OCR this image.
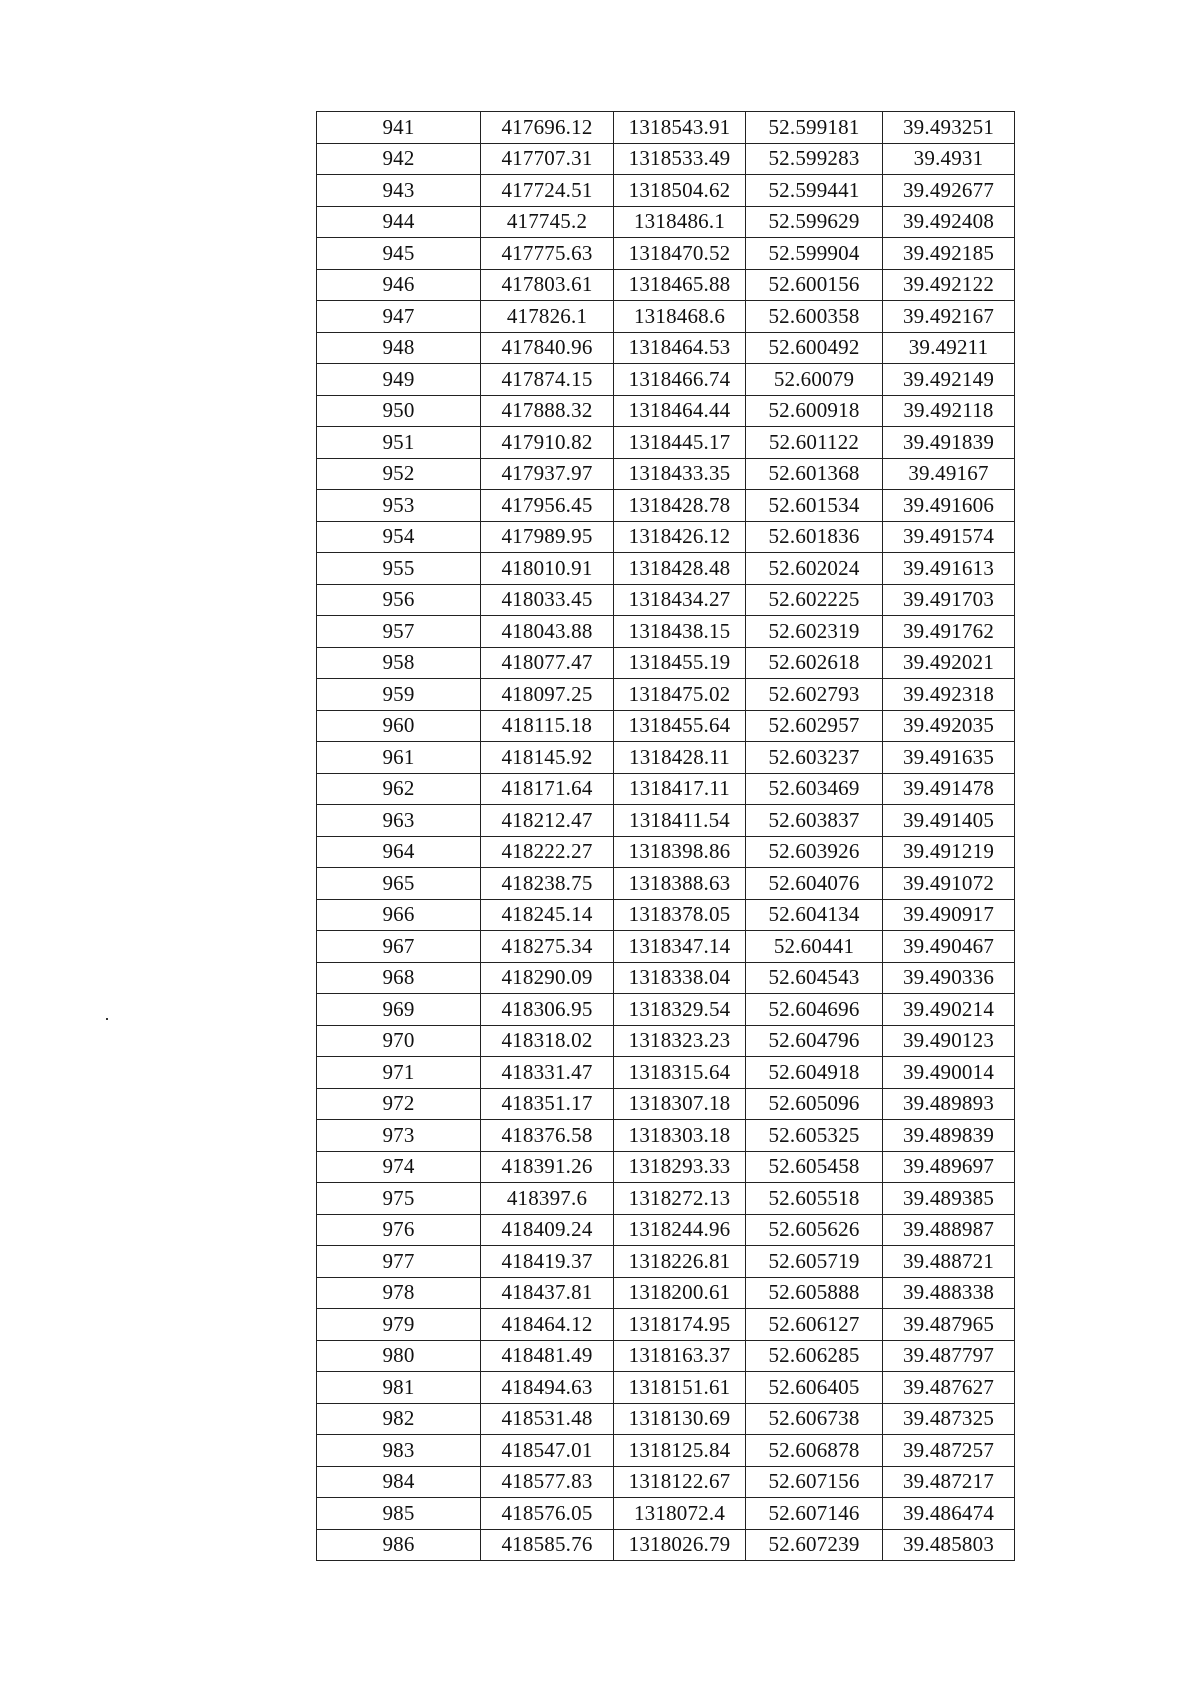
941	417696.12	1318543.91	52.599181	39.493251
942	417707.31	1318533.49	52.599283	39.4931
943	417724.51	1318504.62	52.599441	39.492677
944	417745.2	1318486.1	52.599629	39.492408
945	417775.63	1318470.52	52.599904	39.492185
946	417803.61	1318465.88	52.600156	39.492122
947	417826.1	1318468.6	52.600358	39.492167
948	417840.96	1318464.53	52.600492	39.49211
949	417874.15	1318466.74	52.60079	39.492149
950	417888.32	1318464.44	52.600918	39.492118
951	417910.82	1318445.17	52.601122	39.491839
952	417937.97	1318433.35	52.601368	39.49167
953	417956.45	1318428.78	52.601534	39.491606
954	417989.95	1318426.12	52.601836	39.491574
955	418010.91	1318428.48	52.602024	39.491613
956	418033.45	1318434.27	52.602225	39.491703
957	418043.88	1318438.15	52.602319	39.491762
958	418077.47	1318455.19	52.602618	39.492021
959	418097.25	1318475.02	52.602793	39.492318
960	418115.18	1318455.64	52.602957	39.492035
961	418145.92	1318428.11	52.603237	39.491635
962	418171.64	1318417.11	52.603469	39.491478
963	418212.47	1318411.54	52.603837	39.491405
964	418222.27	1318398.86	52.603926	39.491219
965	418238.75	1318388.63	52.604076	39.491072
966	418245.14	1318378.05	52.604134	39.490917
967	418275.34	1318347.14	52.60441	39.490467
968	418290.09	1318338.04	52.604543	39.490336
969	418306.95	1318329.54	52.604696	39.490214
970	418318.02	1318323.23	52.604796	39.490123
971	418331.47	1318315.64	52.604918	39.490014
972	418351.17	1318307.18	52.605096	39.489893
973	418376.58	1318303.18	52.605325	39.489839
974	418391.26	1318293.33	52.605458	39.489697
975	418397.6	1318272.13	52.605518	39.489385
976	418409.24	1318244.96	52.605626	39.488987
977	418419.37	1318226.81	52.605719	39.488721
978	418437.81	1318200.61	52.605888	39.488338
979	418464.12	1318174.95	52.606127	39.487965
980	418481.49	1318163.37	52.606285	39.487797
981	418494.63	1318151.61	52.606405	39.487627
982	418531.48	1318130.69	52.606738	39.487325
983	418547.01	1318125.84	52.606878	39.487257
984	418577.83	1318122.67	52.607156	39.487217
985	418576.05	1318072.4	52.607146	39.486474
986	418585.76	1318026.79	52.607239	39.485803
